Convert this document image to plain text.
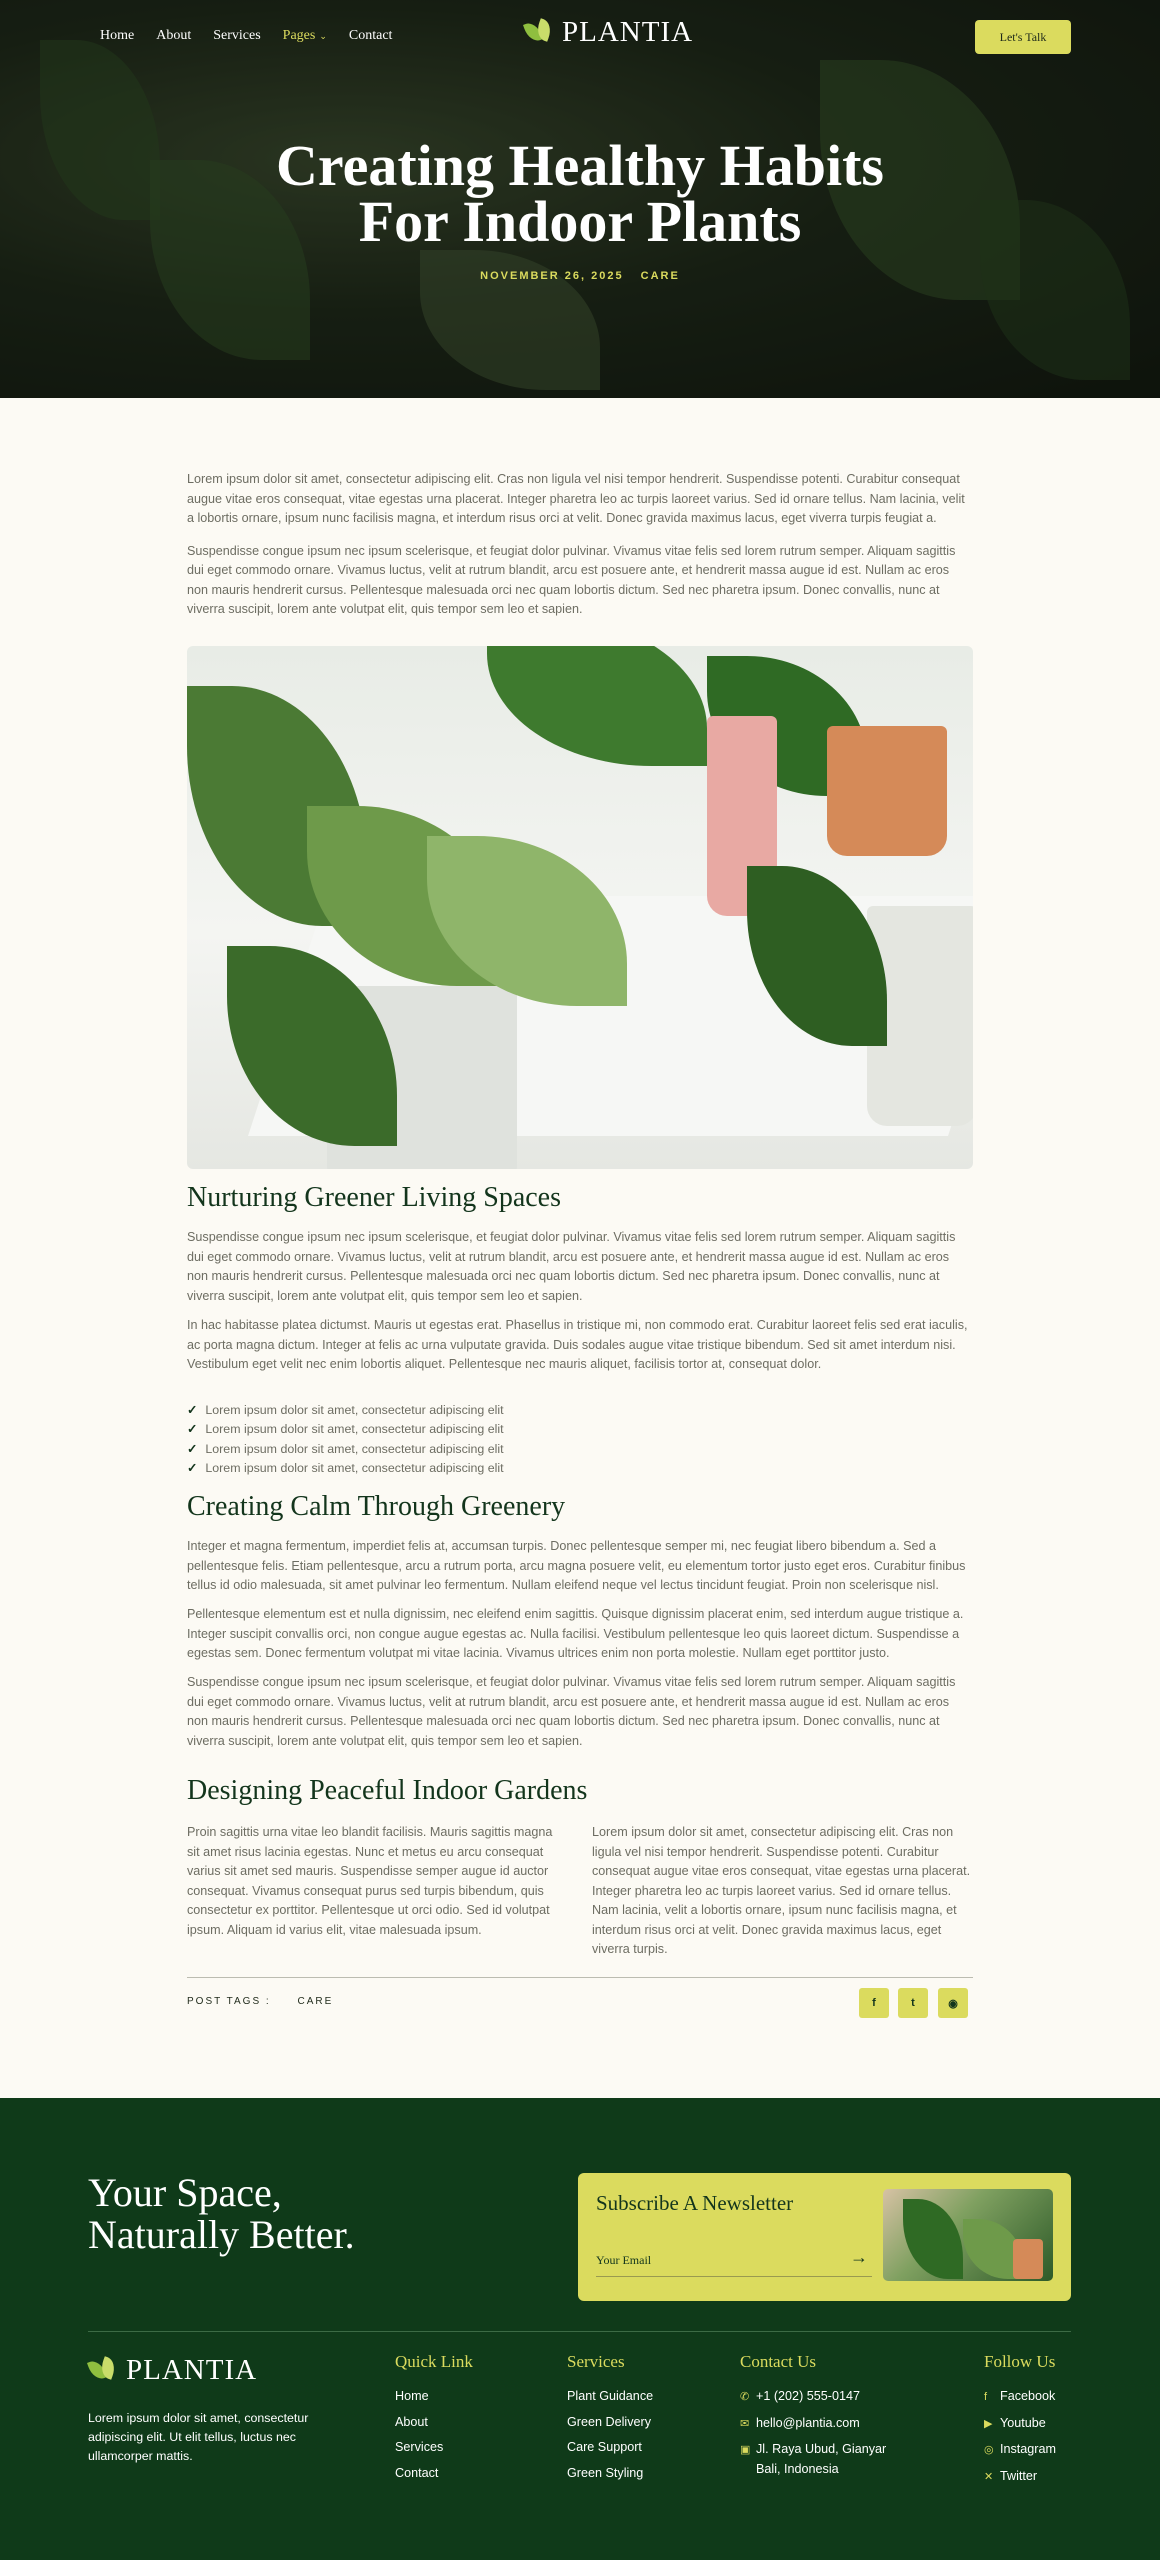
Home About Services Pages ⌄ Contact	PLANTIA	Let's Talk
Creating Healthy Habits
For Indoor Plants
NOVEMBER 26, 2025 CARE

Lorem ipsum dolor sit amet, consectetur adipiscing elit. Cras non ligula vel nisi tempor hendrerit. Suspendisse potenti. Curabitur consequat augue vitae eros consequat, vitae egestas urna placerat. Integer pharetra leo ac turpis laoreet varius. Sed id ornare tellus. Nam lacinia, velit a lobortis ornare, ipsum nunc facilisis magna, et interdum risus orci at velit. Donec gravida maximus lacus, eget viverra turpis feugiat a.

Suspendisse congue ipsum nec ipsum scelerisque, et feugiat dolor pulvinar. Vivamus vitae felis sed lorem rutrum semper. Aliquam sagittis dui eget commodo ornare. Vivamus luctus, velit at rutrum blandit, arcu est posuere ante, et hendrerit massa augue id est. Nullam ac eros non mauris hendrerit cursus. Pellentesque malesuada orci nec quam lobortis dictum. Sed nec pharetra ipsum. Donec convallis, nunc at viverra suscipit, lorem ante volutpat elit, quis tempor sem leo et sapien.

Nurturing Greener Living Spaces

Suspendisse congue ipsum nec ipsum scelerisque, et feugiat dolor pulvinar. Vivamus vitae felis sed lorem rutrum semper. Aliquam sagittis dui eget commodo ornare. Vivamus luctus, velit at rutrum blandit, arcu est posuere ante, et hendrerit massa augue id est. Nullam ac eros non mauris hendrerit cursus. Pellentesque malesuada orci nec quam lobortis dictum. Sed nec pharetra ipsum. Donec convallis, nunc at viverra suscipit, lorem ante volutpat elit, quis tempor sem leo et sapien.

In hac habitasse platea dictumst. Mauris ut egestas erat. Phasellus in tristique mi, non commodo erat. Curabitur laoreet felis sed erat iaculis, ac porta magna dictum. Integer at felis ac urna vulputate gravida. Duis sodales augue vitae tristique bibendum. Sed sit amet interdum nisi. Vestibulum eget velit nec enim lobortis aliquet. Pellentesque nec mauris aliquet, facilisis tortor at, consequat dolor.

✓ Lorem ipsum dolor sit amet, consectetur adipiscing elit
✓ Lorem ipsum dolor sit amet, consectetur adipiscing elit
✓ Lorem ipsum dolor sit amet, consectetur adipiscing elit
✓ Lorem ipsum dolor sit amet, consectetur adipiscing elit
Creating Calm Through Greenery

Integer et magna fermentum, imperdiet felis at, accumsan turpis. Donec pellentesque semper mi, nec feugiat libero bibendum a. Sed a pellentesque felis. Etiam pellentesque, arcu a rutrum porta, arcu magna posuere velit, eu elementum tortor justo eget eros. Curabitur finibus tellus id odio malesuada, sit amet pulvinar leo fermentum. Nullam eleifend neque vel lectus tincidunt feugiat. Proin non scelerisque nisl.

Pellentesque elementum est et nulla dignissim, nec eleifend enim sagittis. Quisque dignissim placerat enim, sed interdum augue tristique a. Integer suscipit convallis orci, non congue augue egestas ac. Nulla facilisi. Vestibulum pellentesque leo quis laoreet dictum. Suspendisse a egestas sem. Donec fermentum volutpat mi vitae lacinia. Vivamus ultrices enim non porta molestie. Nullam eget porttitor justo.

Suspendisse congue ipsum nec ipsum scelerisque, et feugiat dolor pulvinar. Vivamus vitae felis sed lorem rutrum semper. Aliquam sagittis dui eget commodo ornare. Vivamus luctus, velit at rutrum blandit, arcu est posuere ante, et hendrerit massa augue id est. Nullam ac eros non mauris hendrerit cursus. Pellentesque malesuada orci nec quam lobortis dictum. Sed nec pharetra ipsum. Donec convallis, nunc at viverra suscipit, lorem ante volutpat elit, quis tempor sem leo et sapien.

Designing Peaceful Indoor Gardens
Proin sagittis urna vitae leo blandit facilisis. Mauris sagittis magna sit amet risus lacinia egestas. Nunc et metus eu arcu consequat varius sit amet sed mauris. Suspendisse semper augue id auctor consequat. Vivamus consequat purus sed turpis bibendum, quis consectetur ex porttitor. Pellentesque ut orci odio. Sed id volutpat ipsum. Aliquam id varius elit, vitae malesuada ipsum.
Lorem ipsum dolor sit amet, consectetur adipiscing elit. Cras non ligula vel nisi tempor hendrerit. Suspendisse potenti. Curabitur consequat augue vitae eros consequat, vitae egestas urna placerat. Integer pharetra leo ac turpis laoreet varius. Sed id ornare tellus. Nam lacinia, velit a lobortis ornare, ipsum nunc facilisis magna, et interdum risus orci at velit. Donec gravida maximus lacus, eget viverra turpis.
POST TAGS :	CARE	f	t	◉
Your Space,
Naturally Better.
Subscribe A Newsletter
Your Email	→
PLANTIA

Lorem ipsum dolor sit amet, consectetur adipiscing elit. Ut elit tellus, luctus nec ullamcorper mattis.

Quick Link
Home
About
Services
Contact
Services
Plant Guidance
Green Delivery
Care Support
Green Styling
Contact Us
✆ +1 (202) 555-0147
✉ hello@plantia.com
▣ Jl. Raya Ubud, Gianyar
Bali, Indonesia
Follow Us
f Facebook
▶ Youtube
◎ Instagram
✕ Twitter
